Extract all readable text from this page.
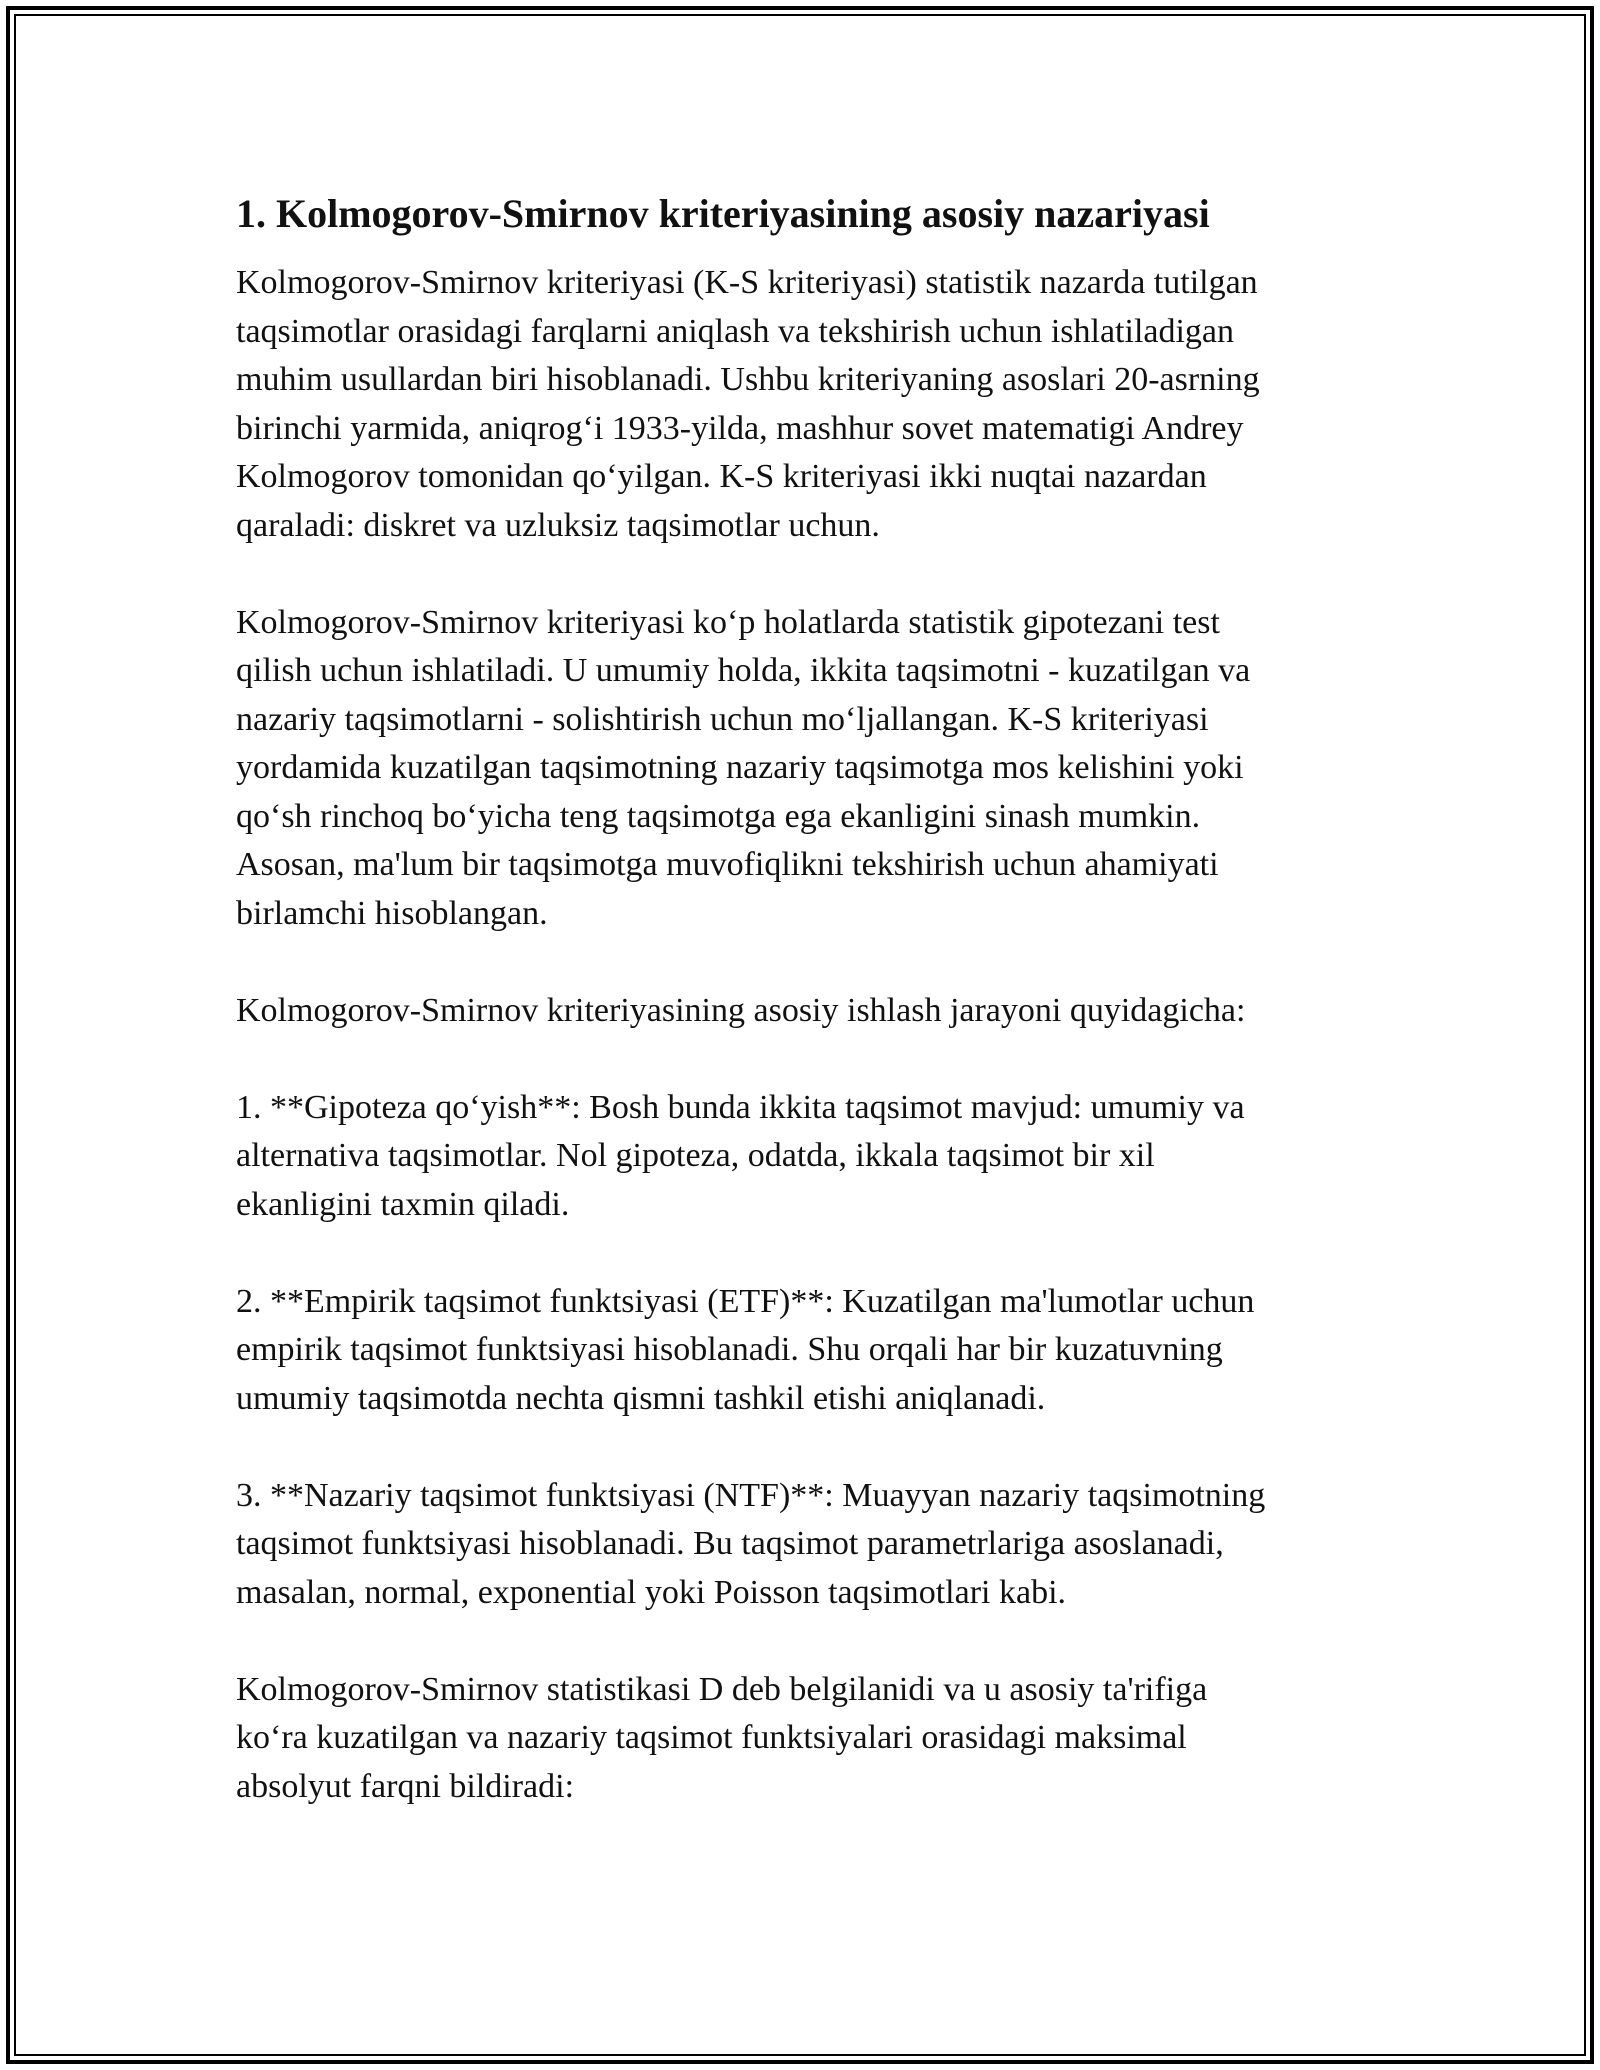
1. Kolmogorov-Smirnov kriteriyasining asosiy nazariyasi

Kolmogorov-Smirnov kriteriyasi (K-S kriteriyasi) statistik nazarda tutilgan
taqsimotlar orasidagi farqlarni aniqlash va tekshirish uchun ishlatiladigan
muhim usullardan biri hisoblanadi. Ushbu kriteriyaning asoslari 20-asrning
birinchi yarmida, aniqrog‘i 1933-yilda, mashhur sovet matematigi Andrey
Kolmogorov tomonidan qo‘yilgan. K-S kriteriyasi ikki nuqtai nazardan
qaraladi: diskret va uzluksiz taqsimotlar uchun.

Kolmogorov-Smirnov kriteriyasi ko‘p holatlarda statistik gipotezani test
qilish uchun ishlatiladi. U umumiy holda, ikkita taqsimotni - kuzatilgan va
nazariy taqsimotlarni - solishtirish uchun mo‘ljallangan. K-S kriteriyasi
yordamida kuzatilgan taqsimotning nazariy taqsimotga mos kelishini yoki
qo‘sh rinchoq bo‘yicha teng taqsimotga ega ekanligini sinash mumkin.
Asosan, ma'lum bir taqsimotga muvofiqlikni tekshirish uchun ahamiyati
birlamchi hisoblangan.

Kolmogorov-Smirnov kriteriyasining asosiy ishlash jarayoni quyidagicha:

1. **Gipoteza qo‘yish**: Bosh bunda ikkita taqsimot mavjud: umumiy va
alternativa taqsimotlar. Nol gipoteza, odatda, ikkala taqsimot bir xil
ekanligini taxmin qiladi.

2. **Empirik taqsimot funktsiyasi (ETF)**: Kuzatilgan ma'lumotlar uchun
empirik taqsimot funktsiyasi hisoblanadi. Shu orqali har bir kuzatuvning
umumiy taqsimotda nechta qismni tashkil etishi aniqlanadi.

3. **Nazariy taqsimot funktsiyasi (NTF)**: Muayyan nazariy taqsimotning
taqsimot funktsiyasi hisoblanadi. Bu taqsimot parametrlariga asoslanadi,
masalan, normal, exponential yoki Poisson taqsimotlari kabi.

Kolmogorov-Smirnov statistikasi D deb belgilanidi va u asosiy ta'rifiga
ko‘ra kuzatilgan va nazariy taqsimot funktsiyalari orasidagi maksimal
absolyut farqni bildiradi:
